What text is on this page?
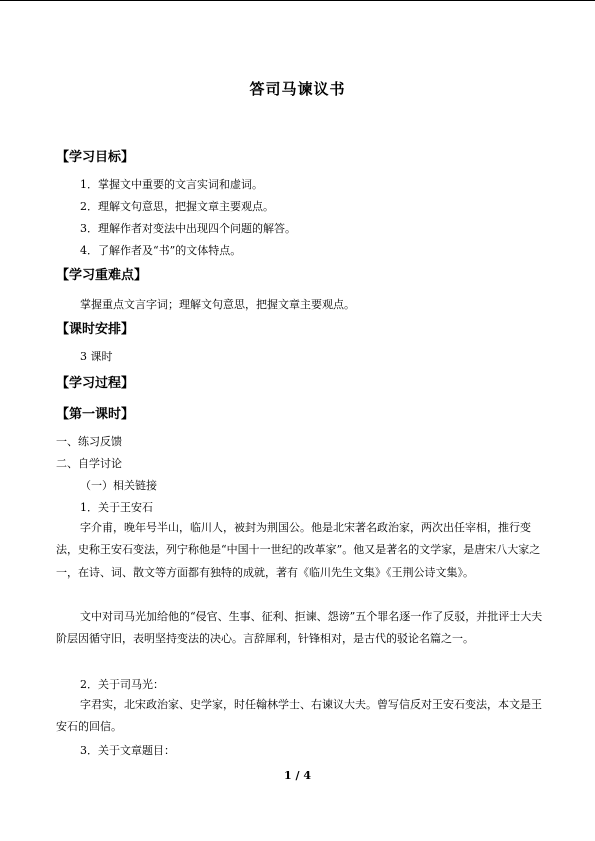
答司马谏议书
【学习目标】
1．掌握文中重要的文言实词和虚词。
2．理解文句意思，把握文章主要观点。
3．理解作者对变法中出现四个问题的解答。
4．了解作者及“书”的文体特点。
【学习重难点】
掌握重点文言字词；理解文句意思，把握文章主要观点。
【课时安排】
3 课时
【学习过程】
【第一课时】
一、练习反馈
二、自学讨论
（一）相关链接
1．关于王安石
字介甫，晚年号半山，临川人，被封为荆国公。他是北宋著名政治家，两次出任宰相，推行变法，史称王安石变法，列宁称他是“中国十一世纪的改革家”。他又是著名的文学家，是唐宋八大家之一，在诗、词、散文等方面都有独特的成就，著有《临川先生文集》《王荆公诗文集》。
文中对司马光加给他的“侵官、生事、征利、拒谏、怨谤”五个罪名逐一作了反驳，并批评士大夫阶层因循守旧，表明坚持变法的决心。言辞犀利，针锋相对，是古代的驳论名篇之一。
2．关于司马光：
字君实，北宋政治家、史学家，时任翰林学士、右谏议大夫。曾写信反对王安石变法，本文是王安石的回信。
3．关于文章题目：
1 / 4
